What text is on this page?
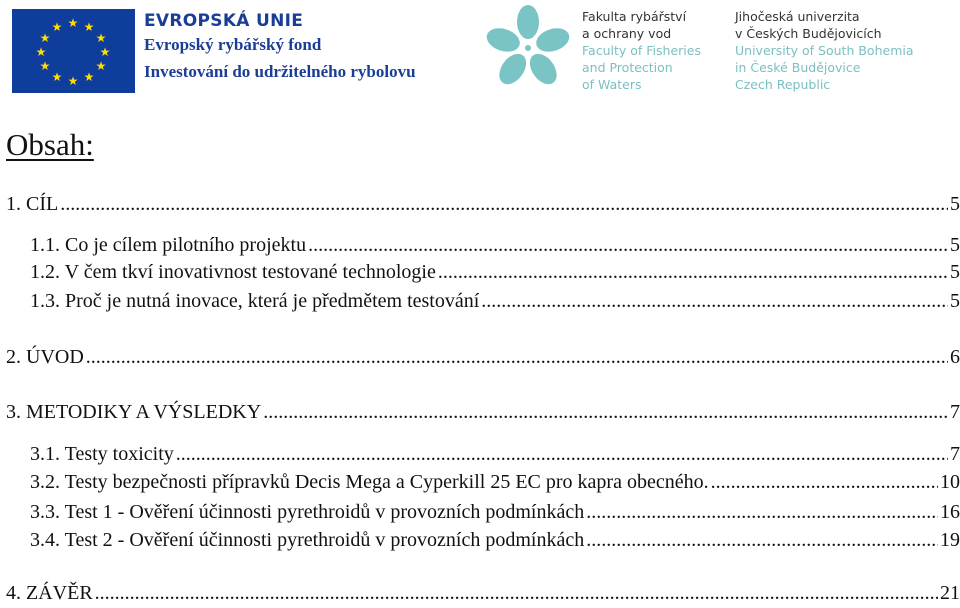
★ ★
★
★
★
★
★
★
★
★
★
★	EVROPSKÁ UNIE
Evropský rybářský fond
Investování do udržitelného rybolovu
Fakulta rybářství
a ochrany vod
Faculty of Fisheries
and Protection
of Waters
Jihočeská univerzita
v Českých Budějovicích
University of South Bohemia
in České Budějovice
Czech Republic
Obsah:
1. CÍL .....	5
1.1. Co je cílem pilotního projektu .....	5
1.2. V čem tkví inovativnost testované technologie .....	5
1.3. Proč je nutná inovace, která je předmětem testování .....	5
2. ÚVOD .....	6
3. METODIKY A VÝSLEDKY .....	7
3.1. Testy toxicity .....	7
3.2. Testy bezpečnosti přípravků Decis Mega a Cyperkill 25 EC pro kapra obecného. .....	10
3.3. Test 1 - Ověření účinnosti pyrethroidů v provozních podmínkách .....	16
3.4. Test 2 - Ověření účinnosti pyrethroidů v provozních podmínkách .....	19
4. ZÁVĚR .....	21
